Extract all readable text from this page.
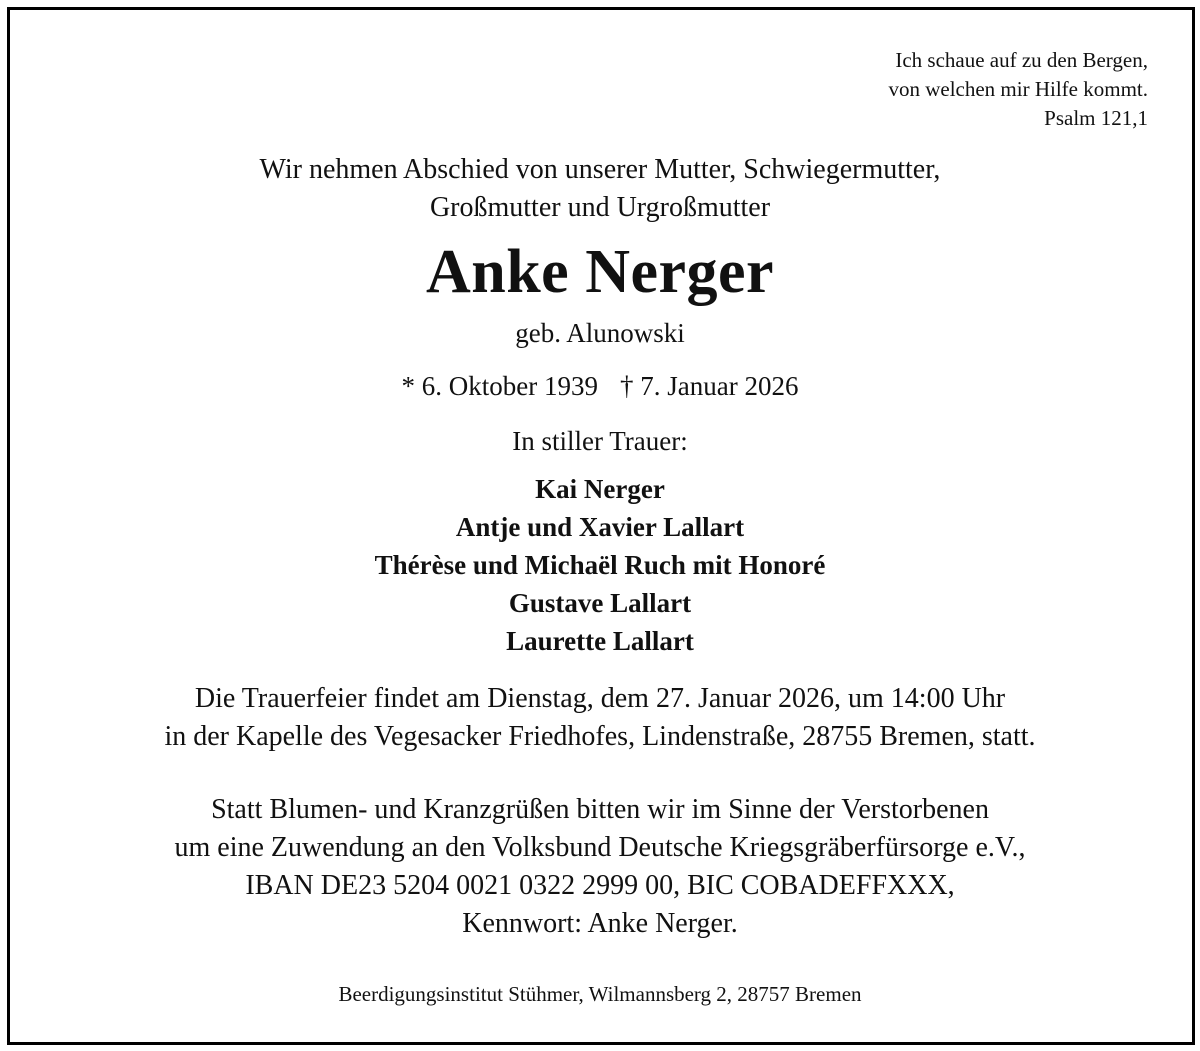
Ich schaue auf zu den Bergen,
von welchen mir Hilfe kommt.
Psalm 121,1
Wir nehmen Abschied von unserer Mutter, Schwiegermutter,
Großmutter und Urgroßmutter
Anke Nerger
geb. Alunowski
* 6. Oktober 1939 † 7. Januar 2026
In stiller Trauer:
Kai Nerger
Antje und Xavier Lallart
Thérèse und Michaël Ruch mit Honoré
Gustave Lallart
Laurette Lallart
Die Trauerfeier findet am Dienstag, dem 27. Januar 2026, um 14:00 Uhr
in der Kapelle des Vegesacker Friedhofes, Lindenstraße, 28755 Bremen, statt.
Statt Blumen- und Kranzgrüßen bitten wir im Sinne der Verstorbenen
um eine Zuwendung an den Volksbund Deutsche Kriegsgräberfürsorge e.V.,
IBAN DE23 5204 0021 0322 2999 00, BIC COBADEFFXXX,
Kennwort: Anke Nerger.
Beerdigungsinstitut Stühmer, Wilmannsberg 2, 28757 Bremen
